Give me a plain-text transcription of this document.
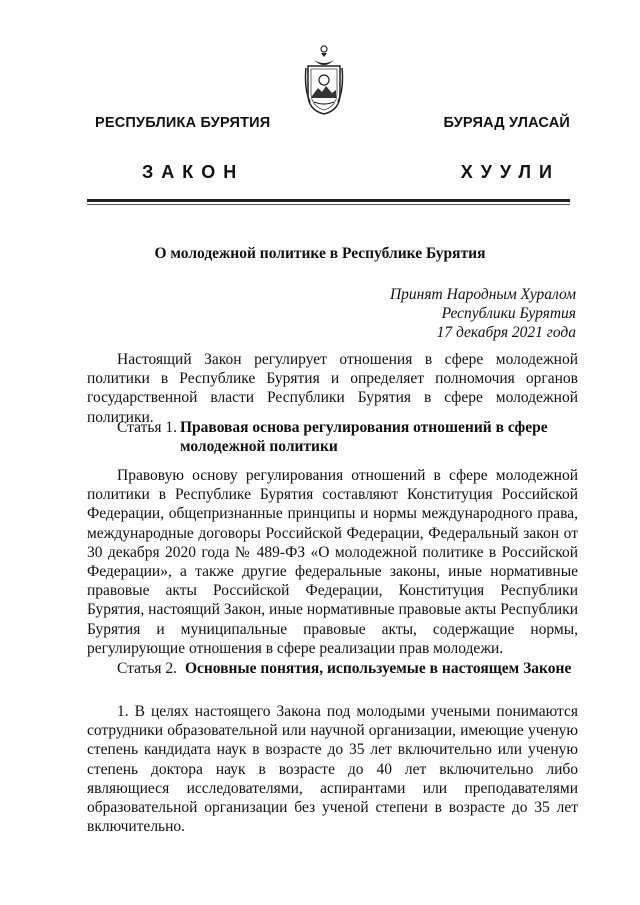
РЕСПУБЛИКА БУРЯТИЯ	БУРЯАД УЛАСАЙ
ЗАКОН	ХУУЛИ
О молодежной политике в Республике Бурятия
Принят Народным Хуралом
Республики Бурятия
17 декабря 2021 года

Настоящий Закон регулирует отношения в сфере молодежной политики в Республике Бурятия и определяет полномочия органов государственной власти Республики Бурятия в сфере молодежной политики.

Статья 1. Правовая основа регулирования отношений в сфере молодежной политики

Правовую основу регулирования отношений в сфере молодежной политики в Республике Бурятия составляют Конституция Российской Федерации, общепризнанные принципы и нормы международного права, международные договоры Российской Федерации, Федеральный закон от 30 декабря 2020 года № 489-ФЗ «О молодежной политике в Российской Федерации», а также другие федеральные законы, иные нормативные правовые акты Российской Федерации, Конституция Республики Бурятия, настоящий Закон, иные нормативные правовые акты Республики Бурятия и муниципальные правовые акты, содержащие нормы, регулирующие отношения в сфере реализации прав молодежи.

Статья 2. Основные понятия, используемые в настоящем Законе

1. В целях настоящего Закона под молодыми учеными понимаются сотрудники образовательной или научной организации, имеющие ученую степень кандидата наук в возрасте до 35 лет включительно или ученую степень доктора наук в возрасте до 40 лет включительно либо являющиеся исследователями, аспирантами или преподавателями образовательной организации без ученой степени в возрасте до 35 лет включительно.
